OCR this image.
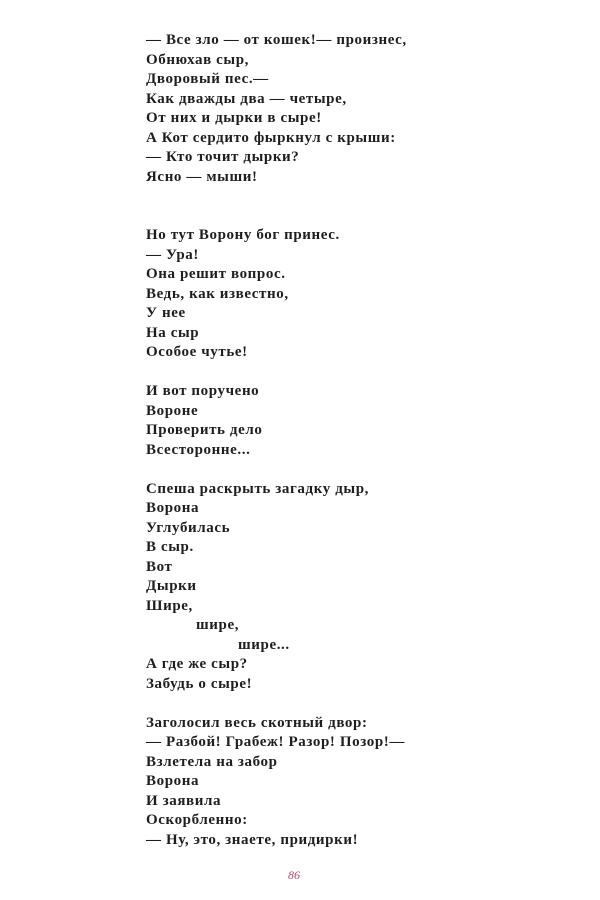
— Все зло — от кошек!— произнес,
Обнюхав сыр,
Дворовый пес.—
Как дважды два — четыре,
От них и дырки в сыре!
А Кот сердито фыркнул с крыши:
— Кто точит дырки?
Ясно — мыши!
Но тут Ворону бог принес.
— Ура!
Она решит вопрос.
Ведь, как известно,
У нее
На сыр
Особое чутье!
И вот поручено
Вороне
Проверить дело
Всесторонне...
Спеша раскрыть загадку дыр,
Ворона
Углубилась
В сыр.
Вот
Дырки
Шире,
шире,
шире...
А где же сыр?
Забудь о сыре!
Заголосил весь скотный двор:
— Разбой! Грабеж! Разор! Позор!—
Взлетела на забор
Ворона
И заявила
Оскорбленно:
— Ну, это, знаете, придирки!
86
